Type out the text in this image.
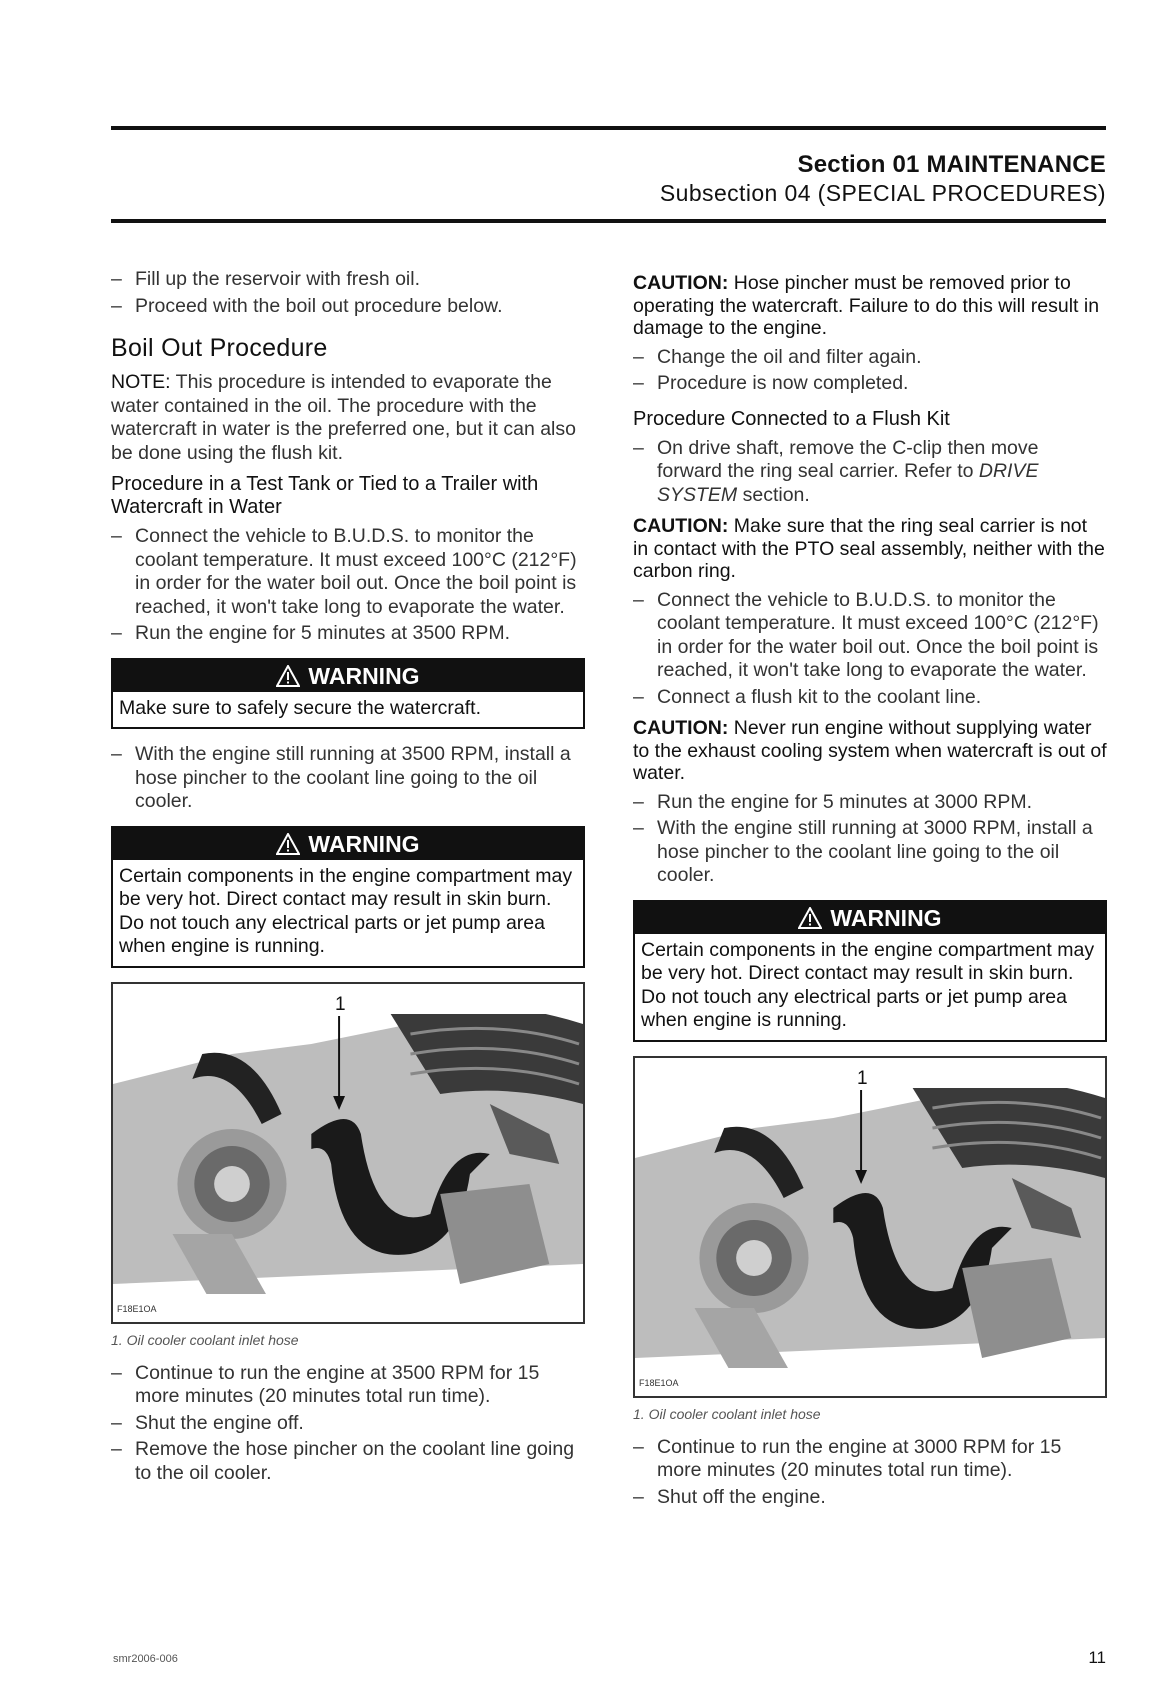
Section 01 MAINTENANCE
Subsection 04 (SPECIAL PROCEDURES)

– Fill up the reservoir with fresh oil.

– Proceed with the boil out procedure below.

Boil Out Procedure

NOTE: This procedure is intended to evaporate the water contained in the oil. The procedure with the watercraft in water is the preferred one, but it can also be done using the flush kit.

Procedure in a Test Tank or Tied to a Trailer with Watercraft in Water

– Connect the vehicle to B.U.D.S. to monitor the coolant temperature. It must exceed 100°C (212°F) in order for the water boil out. Once the boil point is reached, it won't take long to evaporate the water.

– Run the engine for 5 minutes at 3500 RPM.

WARNING
Make sure to safely secure the watercraft.

– With the engine still running at 3500 RPM, install a hose pincher to the coolant line going to the oil cooler.

WARNING
Certain components in the engine compartment may be very hot. Direct contact may result in skin burn. Do not touch any electrical parts or jet pump area when engine is running.
1
F18E1OA
1. Oil cooler coolant inlet hose

– Continue to run the engine at 3500 RPM for 15 more minutes (20 minutes total run time).

– Shut the engine off.

– Remove the hose pincher on the coolant line going to the oil cooler.

CAUTION: Hose pincher must be removed prior to operating the watercraft. Failure to do this will result in damage to the engine.

– Change the oil and filter again.

– Procedure is now completed.

Procedure Connected to a Flush Kit

– On drive shaft, remove the C-clip then move forward the ring seal carrier. Refer to DRIVE SYSTEM section.

CAUTION: Make sure that the ring seal carrier is not in contact with the PTO seal assembly, neither with the carbon ring.

– Connect the vehicle to B.U.D.S. to monitor the coolant temperature. It must exceed 100°C (212°F) in order for the water boil out. Once the boil point is reached, it won't take long to evaporate the water.

– Connect a flush kit to the coolant line.

CAUTION: Never run engine without supplying water to the exhaust cooling system when watercraft is out of water.

– Run the engine for 5 minutes at 3000 RPM.

– With the engine still running at 3000 RPM, install a hose pincher to the coolant line going to the oil cooler.

WARNING
Certain components in the engine compartment may be very hot. Direct contact may result in skin burn. Do not touch any electrical parts or jet pump area when engine is running.
1
F18E1OA
1. Oil cooler coolant inlet hose

– Continue to run the engine at 3000 RPM for 15 more minutes (20 minutes total run time).

– Shut off the engine.

smr2006-006	11
